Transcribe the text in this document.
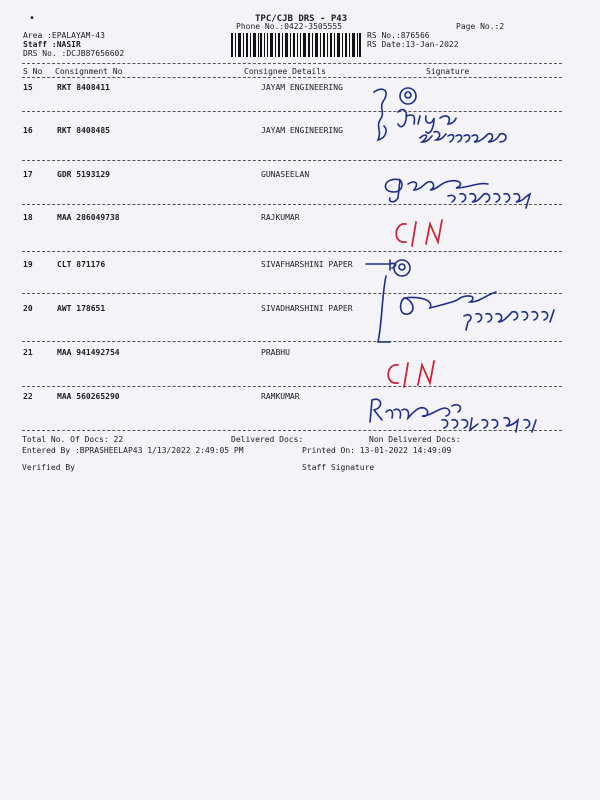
•	TPC/CJB DRS - P43
Phone No.:0422-3505555	Page No.:2
Area :EPALAYAM-43
Staff :NASIR
DRS No. :DCJB87656602
RS No.:876566
RS Date:13-Jan-2022
S No Consignment No	Consignee Details	Signature
15	RKT 8408411	JAYAM ENGINEERING
16	RKT 8408485	JAYAM ENGINEERING
17	GDR 5193129	GUNASEELAN
18	MAA 286049738	RAJKUMAR
19	CLT 871176	SIVAFHARSHINI PAPER
20	AWT 178651	SIVADHARSHINI PAPER
21	MAA 941492754	PRABHU
22	MAA 560265290	RAMKUMAR
Total No. Of Docs: 22	Delivered Docs:	Non Delivered Docs:
Entered By :BPRASHEELAP43 1/13/2022 2:49:05 PM	Printed On: 13-01-2022 14:49:09
Verified By	Staff Signature
